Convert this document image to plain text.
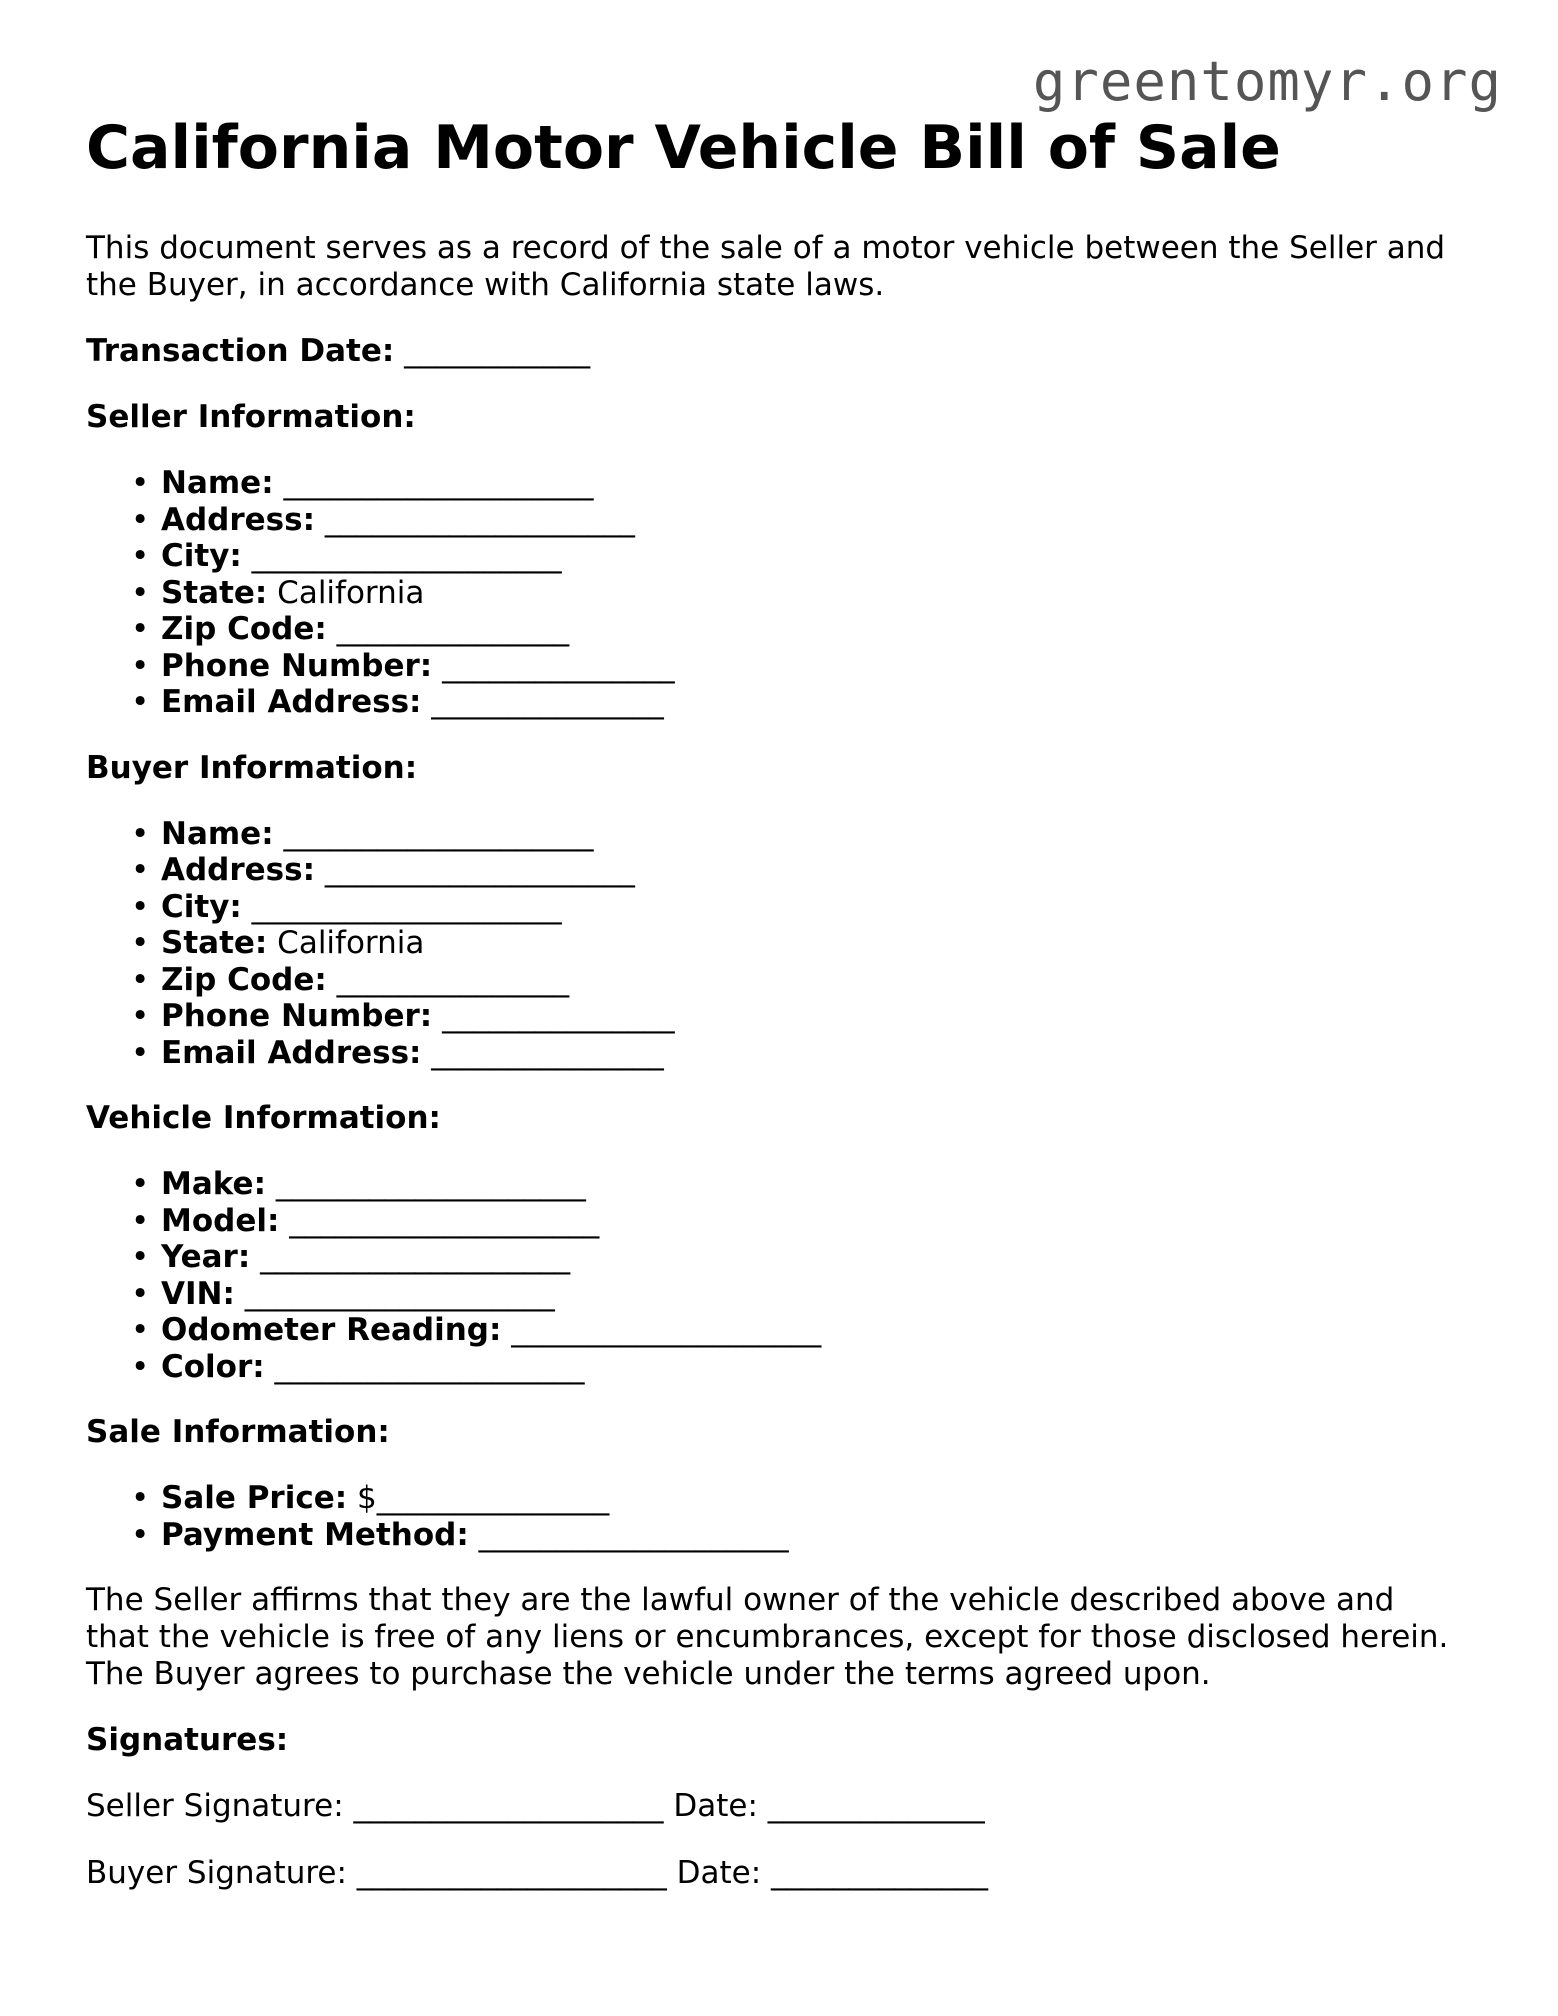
greentomyr.org
California Motor Vehicle Bill of Sale

This document serves as a record of the sale of a motor vehicle between the Seller and the Buyer, in accordance with California state laws.

Transaction Date: ____________

Seller Information:

• Name: ____________________
• Address: ____________________
• City: ____________________
• State: California
• Zip Code: _______________
• Phone Number: _______________
• Email Address: _______________

Buyer Information:

• Name: ____________________
• Address: ____________________
• City: ____________________
• State: California
• Zip Code: _______________
• Phone Number: _______________
• Email Address: _______________

Vehicle Information:

• Make: ____________________
• Model: ____________________
• Year: ____________________
• VIN: ____________________
• Odometer Reading: ____________________
• Color: ____________________

Sale Information:

• Sale Price: $_______________
• Payment Method: ____________________

The Seller affirms that they are the lawful owner of the vehicle described above and that the vehicle is free of any liens or encumbrances, except for those disclosed herein. The Buyer agrees to purchase the vehicle under the terms agreed upon.

Signatures:

Seller Signature: ____________________ Date: ______________

Buyer Signature: ____________________ Date: ______________
